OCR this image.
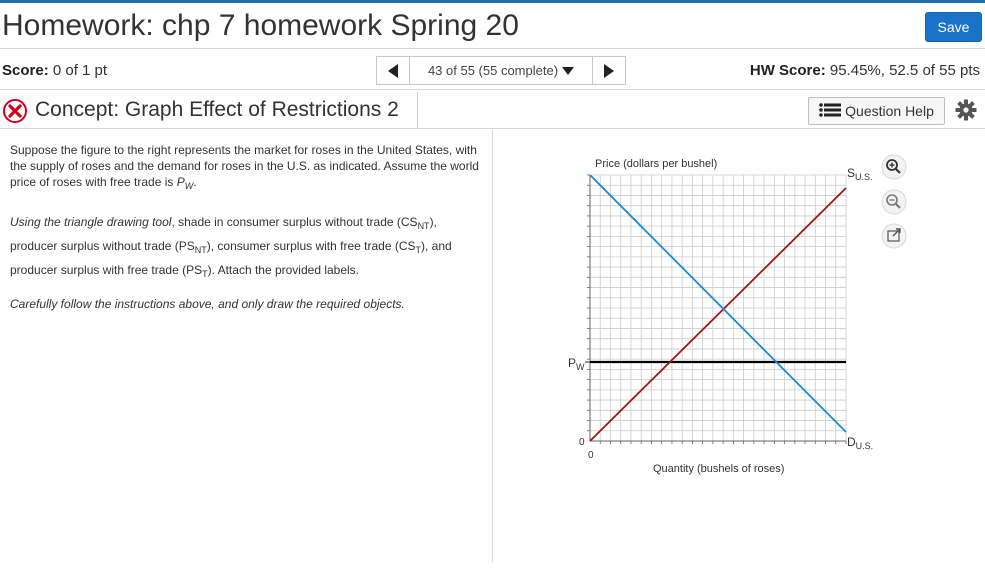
Homework: chp 7 homework Spring 20	Save
Score: 0 of 1 pt	43 of 55 (55 complete)	HW Score: 95.45%, 52.5 of 55 pts
Concept: Graph Effect of Restrictions 2	Question Help

Suppose the figure to the right represents the market for roses in the United States, with the supply of roses and the demand for roses in the U.S. as indicated. Assume the world price of roses with free trade is $P_W$.

Using the triangle drawing tool, shade in consumer surplus without trade $(CS_{NT})$, producer surplus without trade $(PS_{NT})$, consumer surplus with free trade $(CS_T)$, and producer surplus with free trade $(PS_T)$. Attach the provided labels.

Carefully follow the instructions above, and only draw the required objects.

Price (dollars per bushel)
Quantity (bushels of roses)
0
0
$P_W$
$S_{U.S.}$
$D_{U.S.}$
